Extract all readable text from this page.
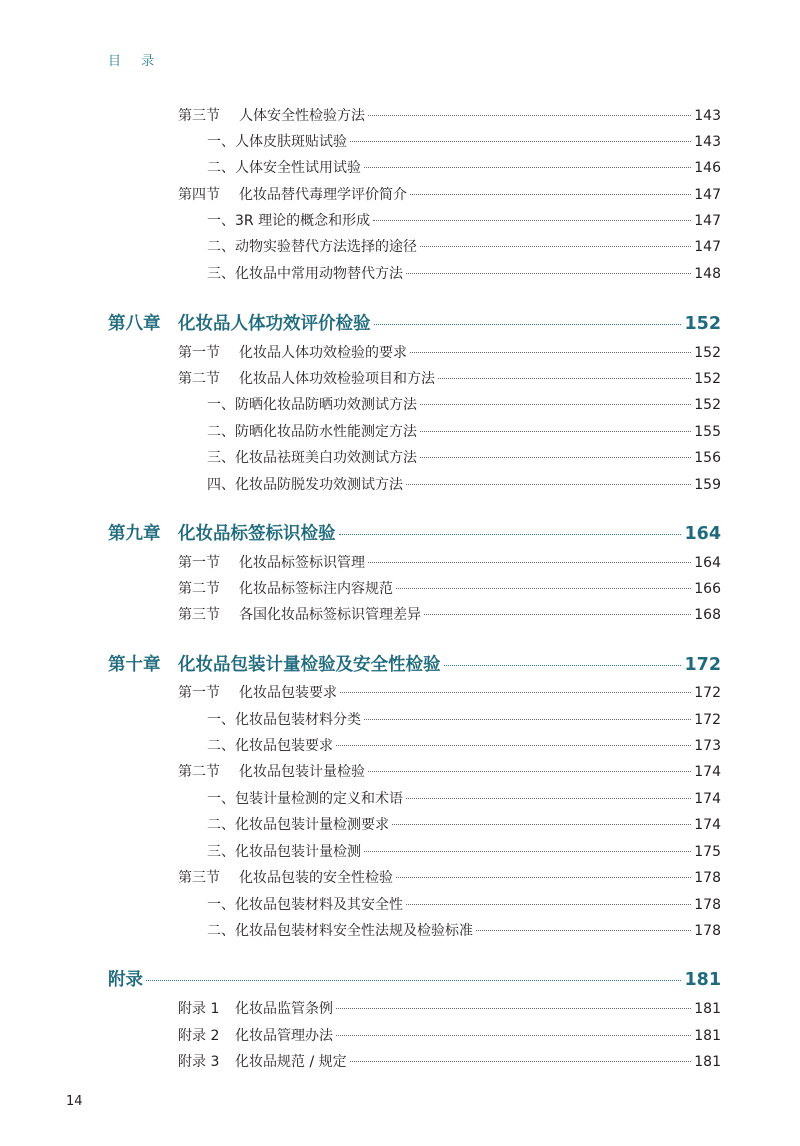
目 录
第三节 人体安全性检验方法	143
一、人体皮肤斑贴试验	143
二、人体安全性试用试验	146
第四节 化妆品替代毒理学评价简介	147
一、3R 理论的概念和形成	147
二、动物实验替代方法选择的途径	147
三、化妆品中常用动物替代方法	148
第八章 化妆品人体功效评价检验	152
第一节 化妆品人体功效检验的要求	152
第二节 化妆品人体功效检验项目和方法	152
一、防晒化妆品防晒功效测试方法	152
二、防晒化妆品防水性能测定方法	155
三、化妆品祛斑美白功效测试方法	156
四、化妆品防脱发功效测试方法	159
第九章 化妆品标签标识检验	164
第一节 化妆品标签标识管理	164
第二节 化妆品标签标注内容规范	166
第三节 各国化妆品标签标识管理差异	168
第十章 化妆品包装计量检验及安全性检验	172
第一节 化妆品包装要求	172
一、化妆品包装材料分类	172
二、化妆品包装要求	173
第二节 化妆品包装计量检验	174
一、包装计量检测的定义和术语	174
二、化妆品包装计量检测要求	174
三、化妆品包装计量检测	175
第三节 化妆品包装的安全性检验	178
一、化妆品包装材料及其安全性	178
二、化妆品包装材料安全性法规及检验标准	178
附录	181
附录 1 化妆品监管条例	181
附录 2 化妆品管理办法	181
附录 3 化妆品规范 / 规定	181
14
